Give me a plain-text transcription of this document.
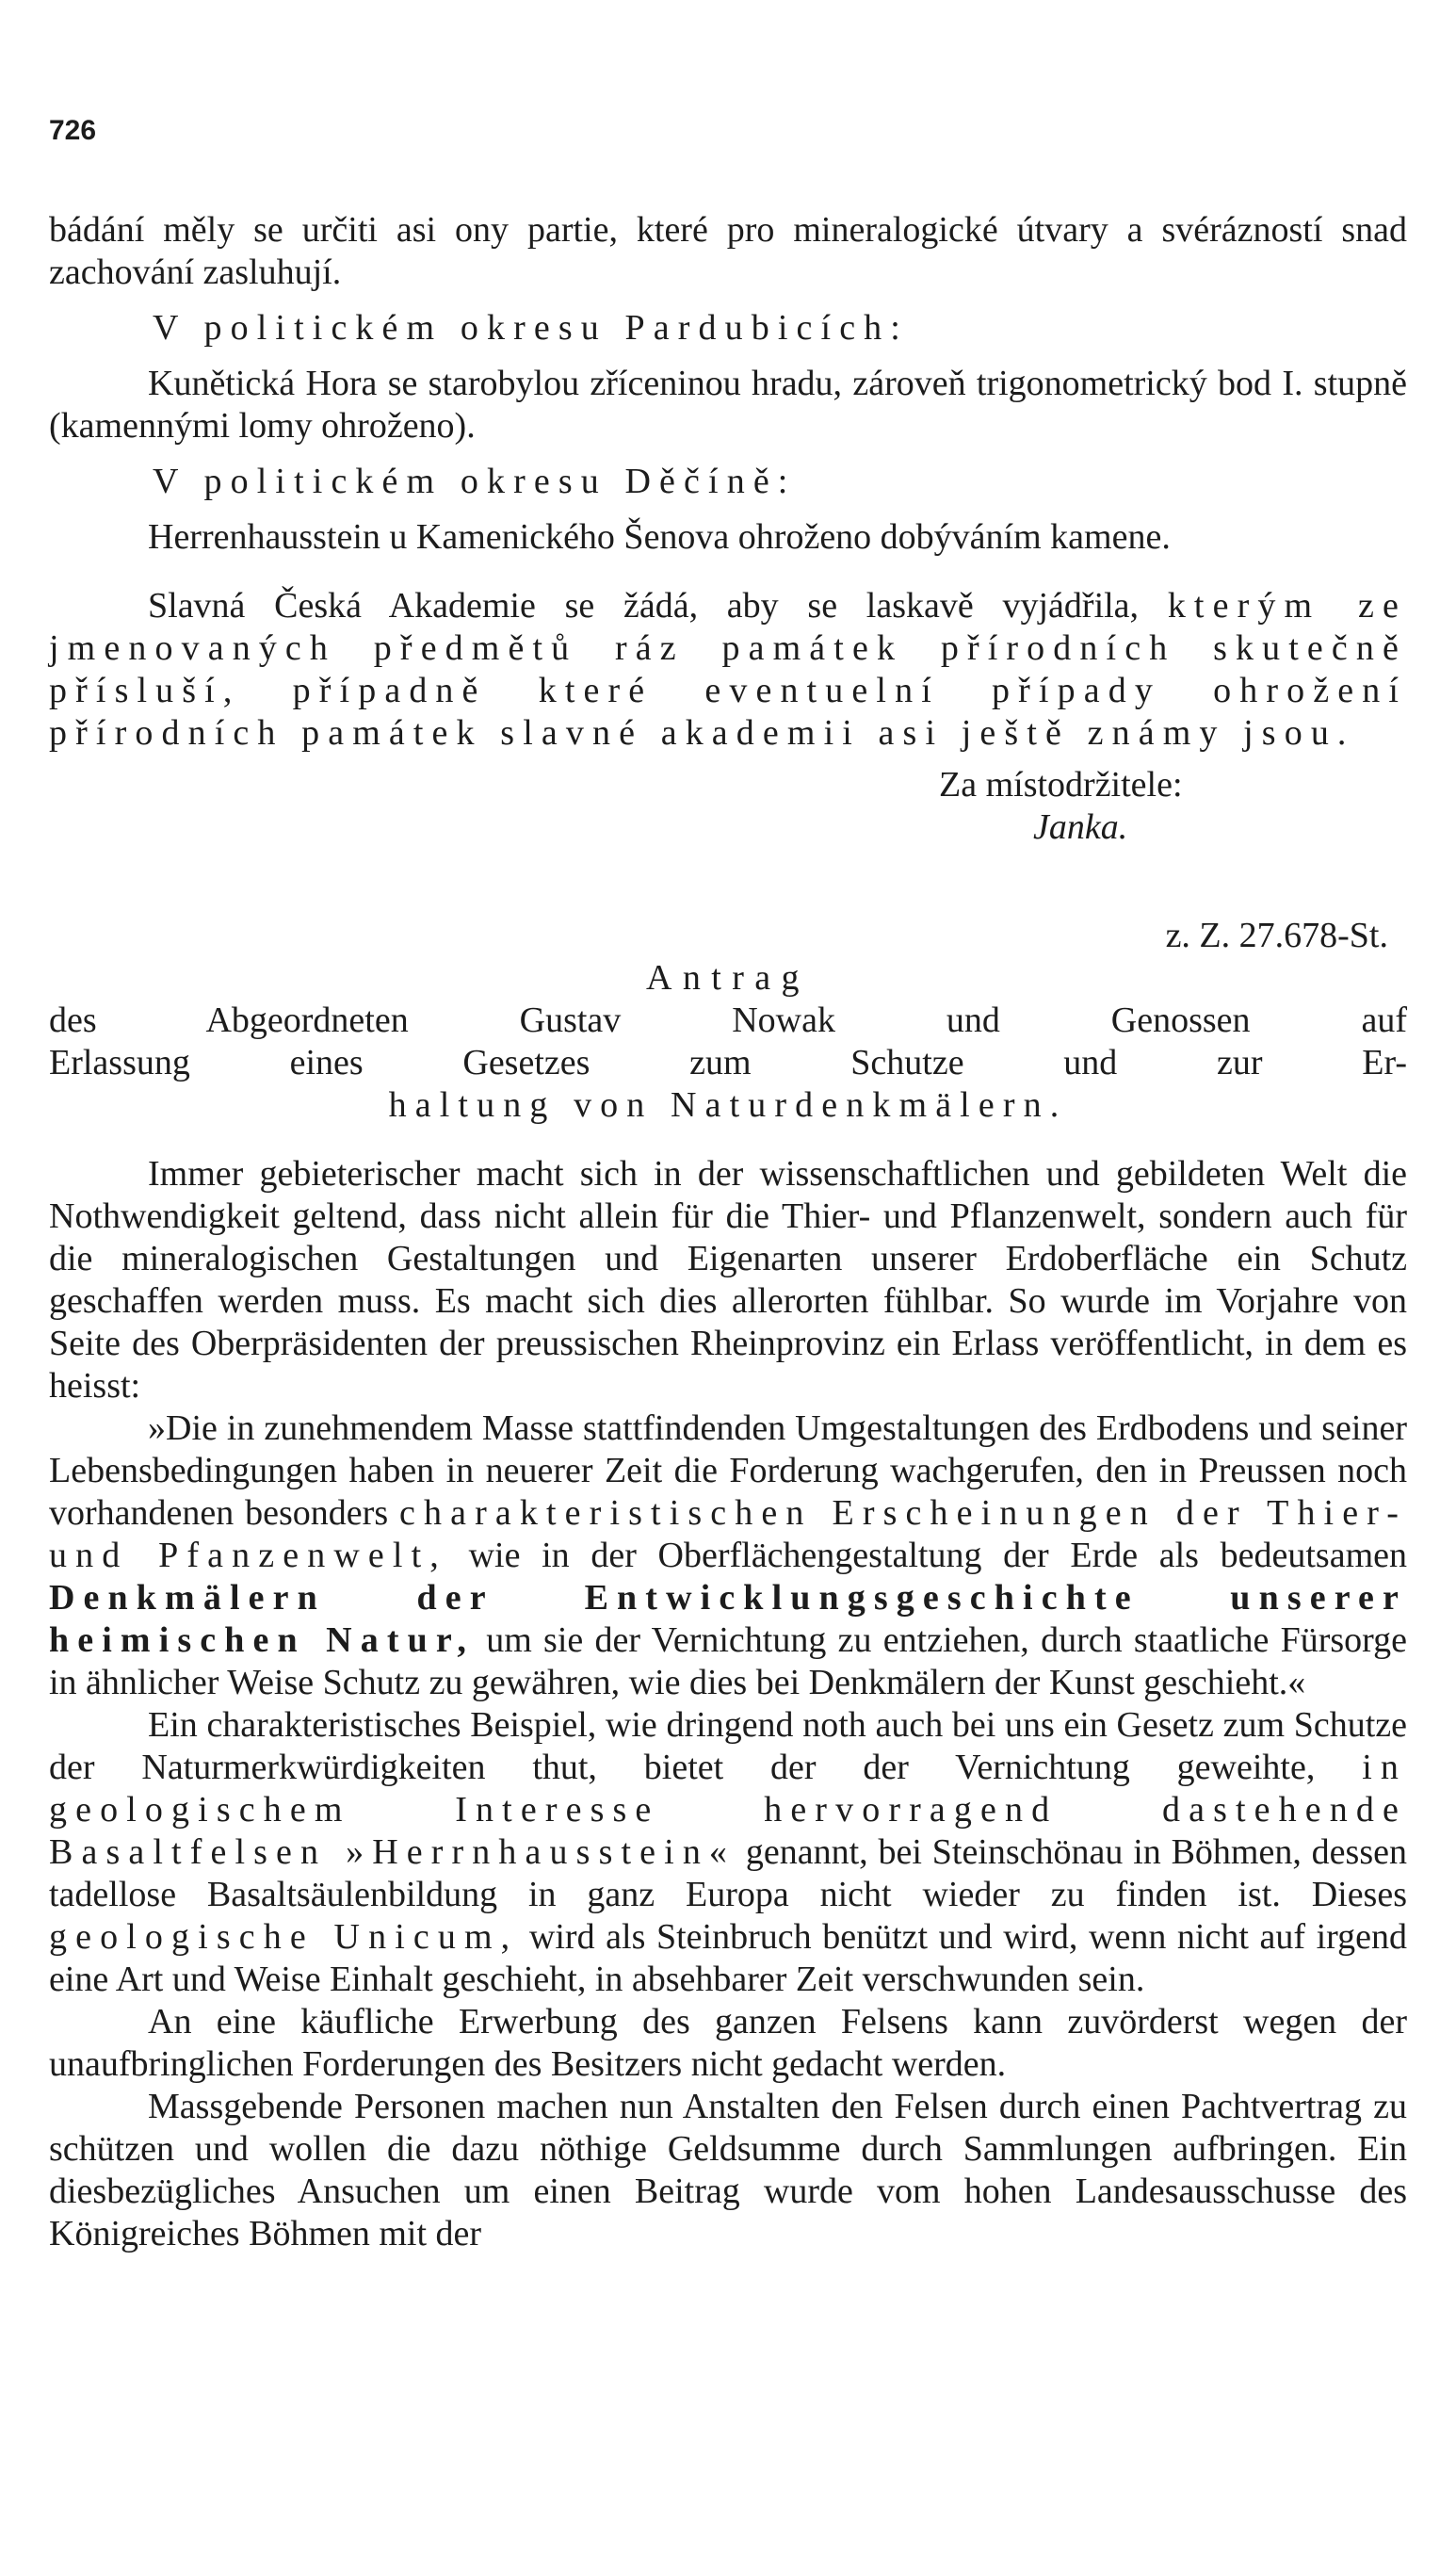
726

bádání měly se určiti asi ony partie, které pro mineralogické útvary a svérázností snad zachování zasluhují.

V politickém okresu Pardubicích:

Kunětická Hora se starobylou zříceninou hradu, zároveň trigonometrický bod I. stupně (kamennými lomy ohroženo).

V politickém okresu Děčíně:

Herrenhausstein u Kamenického Šenova ohroženo dobýváním kamene.

Slavná Česká Akademie se žádá, aby se laskavě vyjádřila, kterým ze jmenovaných předmětů ráz památek přírodních skutečně přísluší, případně které eventuelní případy ohrožení přírodních památek slavné akademii asi ještě známy jsou.

Za místodržitele:
Janka.
z. Z. 27.678-St.
Antrag
des Abgeordneten Gustav Nowak und Genossen auf
Erlassung eines Gesetzes zum Schutze und zur Er-
haltung von Naturdenkmälern.

Immer gebieterischer macht sich in der wissenschaftlichen und gebildeten Welt die Nothwendigkeit geltend, dass nicht allein für die Thier- und Pflanzenwelt, sondern auch für die mineralogischen Gestaltungen und Eigenarten unserer Erdoberfläche ein Schutz geschaffen werden muss. Es macht sich dies allerorten fühlbar. So wurde im Vorjahre von Seite des Oberpräsidenten der preussischen Rheinprovinz ein Erlass veröffentlicht, in dem es heisst:

»Die in zunehmendem Masse stattfindenden Umgestaltungen des Erdbodens und seiner Lebensbedingungen haben in neuerer Zeit die Forderung wachgerufen, den in Preussen noch vorhandenen besonders charakteristischen Erscheinungen der Thier- und Pfanzenwelt, wie in der Oberflächengestaltung der Erde als bedeutsamen Denkmälern der Entwicklungsgeschichte unserer heimischen Natur, um sie der Vernichtung zu entziehen, durch staatliche Fürsorge in ähnlicher Weise Schutz zu gewähren, wie dies bei Denkmälern der Kunst geschieht.«

Ein charakteristisches Beispiel, wie dringend noth auch bei uns ein Gesetz zum Schutze der Naturmerkwürdigkeiten thut, bietet der der Vernichtung geweihte, in geologischem Interesse hervorragend dastehende Basaltfelsen »Herrnhausstein« genannt, bei Steinschönau in Böhmen, dessen tadellose Basaltsäulenbildung in ganz Europa nicht wieder zu finden ist. Dieses geologische Unicum, wird als Steinbruch benützt und wird, wenn nicht auf irgend eine Art und Weise Einhalt geschieht, in absehbarer Zeit verschwunden sein.

An eine käufliche Erwerbung des ganzen Felsens kann zuvörderst wegen der unaufbringlichen Forderungen des Besitzers nicht gedacht werden.

Massgebende Personen machen nun Anstalten den Felsen durch einen Pachtvertrag zu schützen und wollen die dazu nöthige Geldsumme durch Sammlungen aufbringen. Ein diesbezügliches Ansuchen um einen Beitrag wurde vom hohen Landesausschusse des Königreiches Böhmen mit der
